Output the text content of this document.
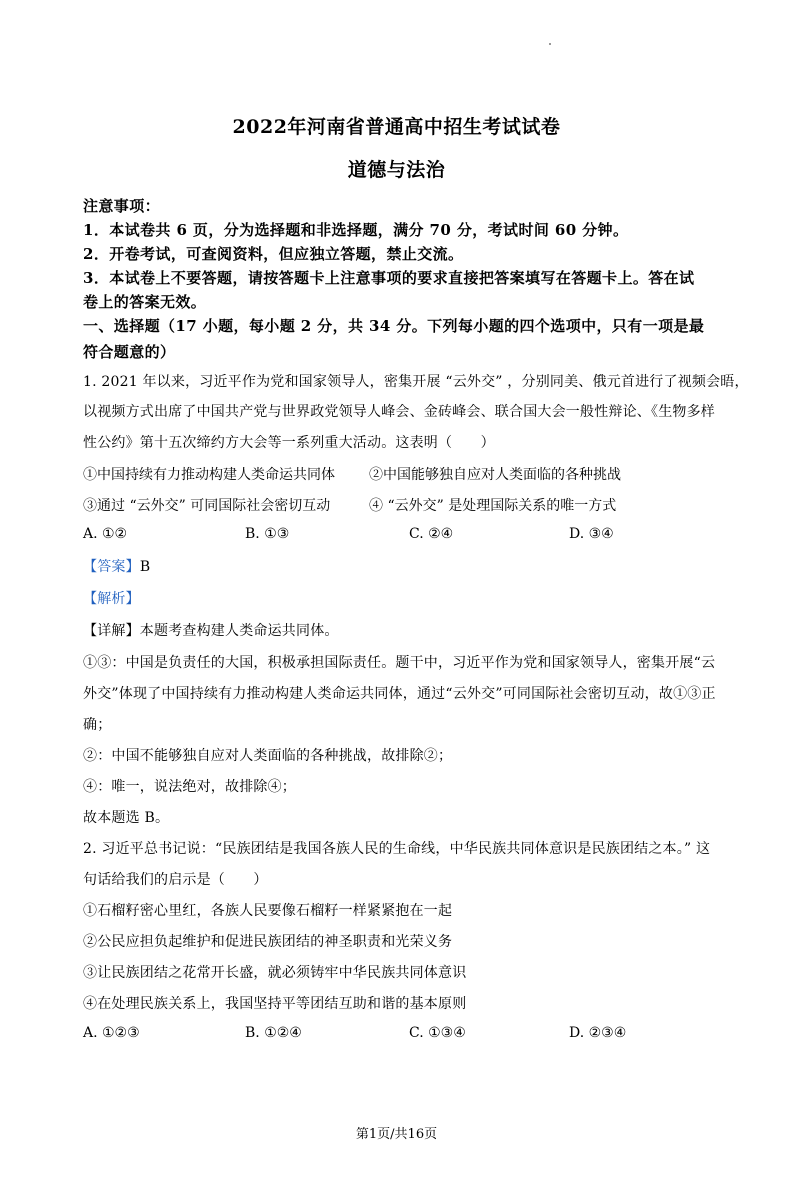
2022年河南省普通高中招生考试试卷
道德与法治
注意事项：
1．本试卷共 6 页，分为选择题和非选择题，满分 70 分，考试时间 60 分钟。
2．开卷考试，可查阅资料，但应独立答题，禁止交流。
3．本试卷上不要答题，请按答题卡上注意事项的要求直接把答案填写在答题卡上。答在试
卷上的答案无效。
一、选择题（17 小题，每小题 2 分，共 34 分。下列每小题的四个选项中，只有一项是最
符合题意的）
1. 2021 年以来，习近平作为党和国家领导人，密集开展 “云外交” ，分别同美、俄元首进行了视频会晤，
以视频方式出席了中国共产党与世界政党领导人峰会、金砖峰会、联合国大会一般性辩论、《生物多样
性公约》第十五次缔约方大会等一系列重大活动。这表明（　　）
①中国持续有力推动构建人类命运共同体 ②中国能够独自应对人类面临的各种挑战
③通过 “云外交” 可同国际社会密切互动	④ “云外交” 是处理国际关系的唯一方式
A. ①②	B. ①③	C. ②④	D. ③④
【答案】B
【解析】
【详解】本题考查构建人类命运共同体。
①③：中国是负责任的大国，积极承担国际责任。题干中，习近平作为党和国家领导人，密集开展“云
外交”体现了中国持续有力推动构建人类命运共同体，通过“云外交”可同国际社会密切互动，故①③正
确；
②：中国不能够独自应对人类面临的各种挑战，故排除②；
④：唯一，说法绝对，故排除④；
故本题选 B。
2. 习近平总书记说：“民族团结是我国各族人民的生命线，中华民族共同体意识是民族团结之本。” 这
句话给我们的启示是（　　）
①石榴籽密心里红，各族人民要像石榴籽一样紧紧抱在一起
②公民应担负起维护和促进民族团结的神圣职责和光荣义务
③让民族团结之花常开长盛，就必须铸牢中华民族共同体意识
④在处理民族关系上，我国坚持平等团结互助和谐的基本原则
A. ①②③	B. ①②④	C. ①③④	D. ②③④
第1页/共16页
